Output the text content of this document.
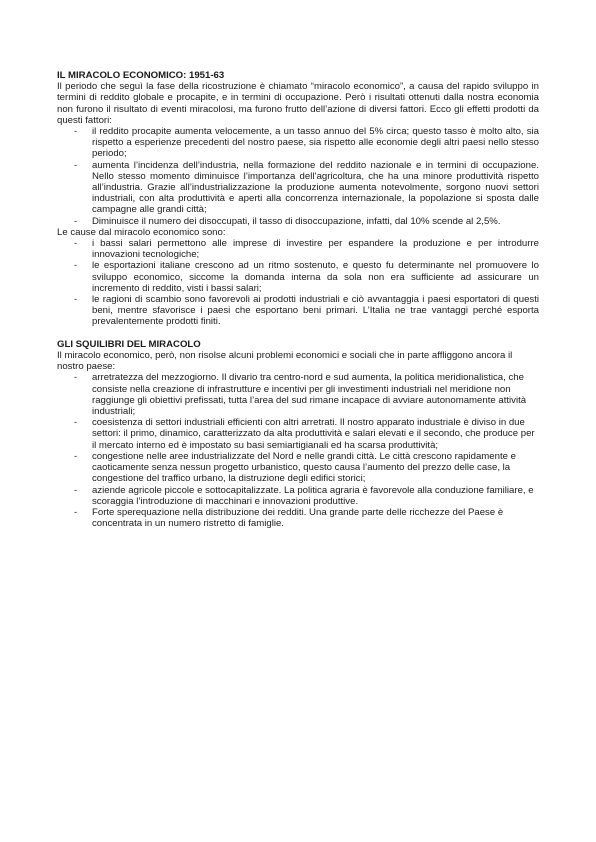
IL MIRACOLO ECONOMICO: 1951-63

Il periodo che seguì la fase della ricostruzione è chiamato “miracolo economico”, a causa del rapido sviluppo in termini di reddito globale e procapite, e in termini di occupazione. Però i risultati ottenuti dalla nostra economia non furono il risultato di eventi miracolosi, ma furono frutto dell’azione di diversi fattori. Ecco gli effetti prodotti da questi fattori:

- il reddito procapite aumenta velocemente, a un tasso annuo del 5% circa; questo tasso è molto alto, sia rispetto a esperienze precedenti del nostro paese, sia rispetto alle economie degli altri paesi nello stesso periodo;
- aumenta l’incidenza dell’industria, nella formazione del reddito nazionale e in termini di occupazione. Nello stesso momento diminuisce l’importanza dell’agricoltura, che ha una minore produttività rispetto all’industria. Grazie all’industrializzazione la produzione aumenta notevolmente, sorgono nuovi settori industriali, con alta produttività e aperti alla concorrenza internazionale, la popolazione si sposta dalle campagne alle grandi città;
- Diminuisce il numero dei disoccupati, il tasso di disoccupazione, infatti, dal 10% scende al 2,5%.

Le cause dal miracolo economico sono:

- i bassi salari permettono alle imprese di investire per espandere la produzione e per introdurre innovazioni tecnologiche;
- le esportazioni italiane crescono ad un ritmo sostenuto, e questo fu determinante nel promuovere lo sviluppo economico, siccome la domanda interna da sola non era sufficiente ad assicurare un incremento di reddito, visti i bassi salari;
- le ragioni di scambio sono favorevoli ai prodotti industriali e ciò avvantaggia i paesi esportatori di questi beni, mentre sfavorisce i paesi che esportano beni primari. L’Italia ne trae vantaggi perché esporta prevalentemente prodotti finiti.

GLI SQUILIBRI DEL MIRACOLO

Il miracolo economico, però, non risolse alcuni problemi economici e sociali che in parte affliggono ancora il nostro paese:

- arretratezza del mezzogiorno. Il divario tra centro-nord e sud aumenta, la politica meridionalistica, che consiste nella creazione di infrastrutture e incentivi per gli investimenti industriali nel meridione non raggiunge gli obiettivi prefissati, tutta l’area del sud rimane incapace di avviare autonomamente attività industriali;
- coesistenza di settori industriali efficienti con altri arretrati. Il nostro apparato industriale è diviso in due settori: il primo, dinamico, caratterizzato da alta produttività e salari elevati e il secondo, che produce per il mercato interno ed è impostato su basi semiartigianali ed ha scarsa produttività;
- congestione nelle aree industrializzate del Nord e nelle grandi città. Le città crescono rapidamente e caoticamente senza nessun progetto urbanistico, questo causa l’aumento del prezzo delle case, la congestione del traffico urbano, la distruzione degli edifici storici;
- aziende agricole piccole e sottocapitalizzate. La politica agraria è favorevole alla conduzione familiare, e scoraggia l’introduzione di macchinari e innovazioni produttive.
- Forte sperequazione nella distribuzione dei redditi. Una grande parte delle ricchezze del Paese è concentrata in un numero ristretto di famiglie.
